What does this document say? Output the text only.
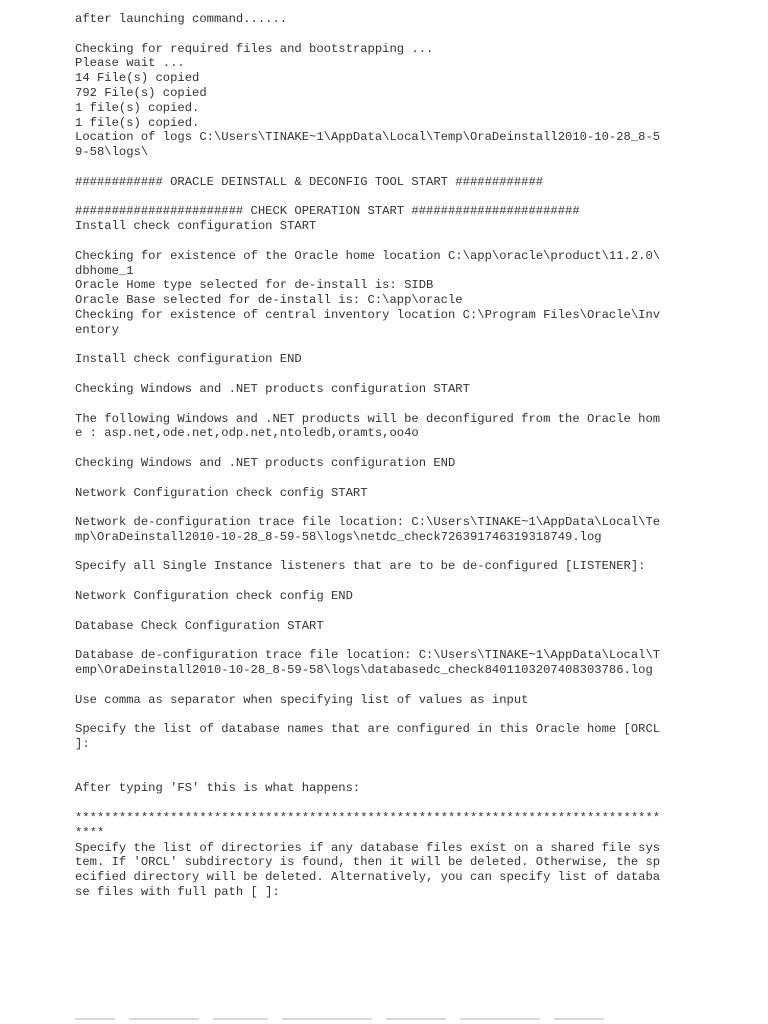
after launching command......
Checking for required files and bootstrapping ...
Please wait ...
14 File(s) copied
792 File(s) copied
1 file(s) copied.
1 file(s) copied.
Location of logs C:\Users\TINAKE~1\AppData\Local\Temp\OraDeinstall2010-10-28_8-5
9-58\logs\
############ ORACLE DEINSTALL & DECONFIG TOOL START ############
####################### CHECK OPERATION START #######################
Install check configuration START
Checking for existence of the Oracle home location C:\app\oracle\product\11.2.0\
dbhome_1
Oracle Home type selected for de-install is: SIDB
Oracle Base selected for de-install is: C:\app\oracle
Checking for existence of central inventory location C:\Program Files\Oracle\Inv
entory
Install check configuration END
Checking Windows and .NET products configuration START
The following Windows and .NET products will be deconfigured from the Oracle hom
e : asp.net,ode.net,odp.net,ntoledb,oramts,oo4o
Checking Windows and .NET products configuration END
Network Configuration check config START
Network de-configuration trace file location: C:\Users\TINAKE~1\AppData\Local\Te
mp\OraDeinstall2010-10-28_8-59-58\logs\netdc_check726391746319318749.log
Specify all Single Instance listeners that are to be de-configured [LISTENER]:
Network Configuration check config END
Database Check Configuration START
Database de-configuration trace file location: C:\Users\TINAKE~1\AppData\Local\T
emp\OraDeinstall2010-10-28_8-59-58\logs\databasedc_check8401103207408303786.log
Use comma as separator when specifying list of values as input
Specify the list of database names that are configured in this Oracle home [ORCL
]:
After typing 'FS' this is what happens:
********************************************************************************
****
Specify the list of directories if any database files exist on a shared file sys
tem. If 'ORCL' subdirectory is found, then it will be deleted. Otherwise, the sp
ecified directory will be deleted. Alternatively, you can specify list of databa
se files with full path [ ]:
